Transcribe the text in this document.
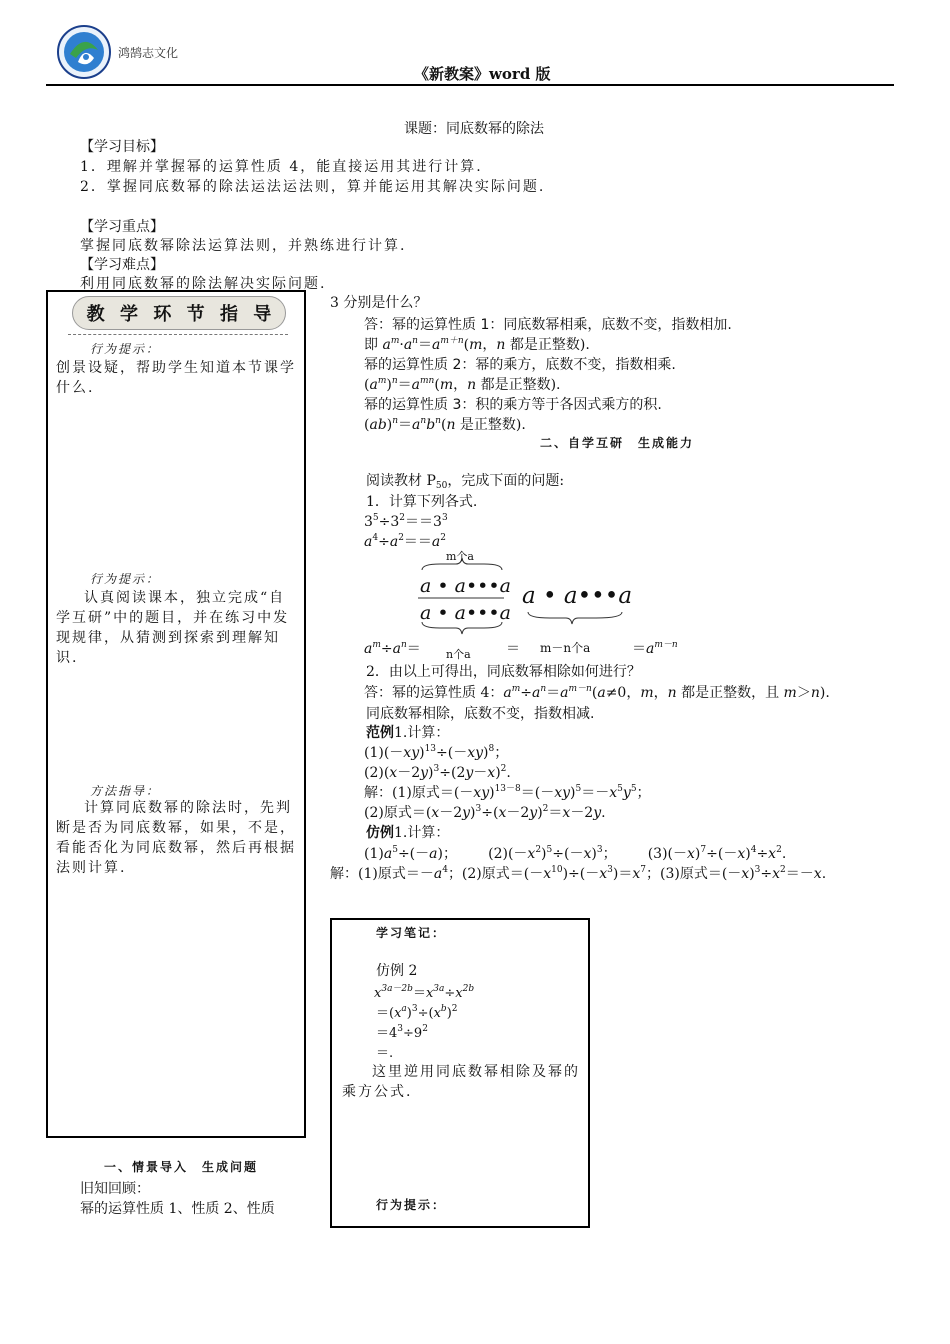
鸿鹄志文化
《新教案》word 版
课题：同底数幂的除法
【学习目标】
1．理解并掌握幂的运算性质 4，能直接运用其进行计算.
2．掌握同底数幂的除法运法运法则，算并能运用其解决实际问题.
【学习重点】
掌握同底数幂除法运算法则，并熟练进行计算.
【学习难点】
利用同底数幂的除法解决实际问题.
教 学 环 节 指 导
行为提示：
创景设疑，帮助学生知道本节课学什么.
行为提示：
认真阅读课本，独立完成“自学互研”中的题目，并在练习中发现规律，从猜测到探索到理解知识.
方法指导：
计算同底数幂的除法时，先判断是否为同底数幂，如果，不是，看能否化为同底数幂，然后再根据法则计算.
一、情景导入　生成问题
旧知回顾：
幂的运算性质 1、性质 2、性质
3 分别是什么？
答：幂的运算性质 1：同底数幂相乘，底数不变，指数相加.
即 $a^m\cdot a^n=a^{m+n}(m$，n 都是正整数).
幂的运算性质 2：幂的乘方，底数不变，指数相乘.
$(a^m)^n=a^{mn}(m$，n 都是正整数).
幂的运算性质 3：积的乘方等于各因式乘方的积.
$(ab)^n=a^nb^n(n$ 是正整数).
二、自学互研　生成能力
阅读教材 $P_{50}$，完成下面的问题:
1．计算下列各式.
$3^5\div 3^2==3^3$
$a^4\div a^2==a^2$
m个a
a • a•••a
a • a•••a
a • a•••a
$a^m\div a^n= n$个a	＝ m－n个a	$=a^{m-n}$
2．由以上可得出，同底数幂相除如何进行？
答：幂的运算性质 4：$a^m\div a^n=a^{m-n}(a\ne 0$，m，n 都是正整数，且 m＞n).
同底数幂相除，底数不变，指数相减.
范例1.计算：
$(1)(-xy)^{13}\div(-xy)^8$；
$(2)(x-2y)^3\div(2y-x)^2$.
解：(1)原式$=(-xy)^{13-8}=(-xy)^5=-x^5y^5$；
(2)原式$=(x-2y)^3\div(x-2y)^2=x-2y$.
仿例1.计算：
$(1)a^5\div(-a)$；       $(2)(-x^2)^5\div(-x)^3$；       $(3)(-x)^7\div(-x)^4\div x^2$.
解：(1)原式$=-a^4$；(2)原式$=(-x^{10})\div(-x^3)=x^7$；(3)原式$=(-x)^3\div x^2=-x$.
学习笔记：
仿例 2
$x^{3a-2b}=x^{3a}\div x^{2b}$
$=(x^a)^3\div(x^b)^2$
$=4^3\div 9^2$
＝.
这里逆用同底数幂相除及幂的乘方公式.
行为提示：
